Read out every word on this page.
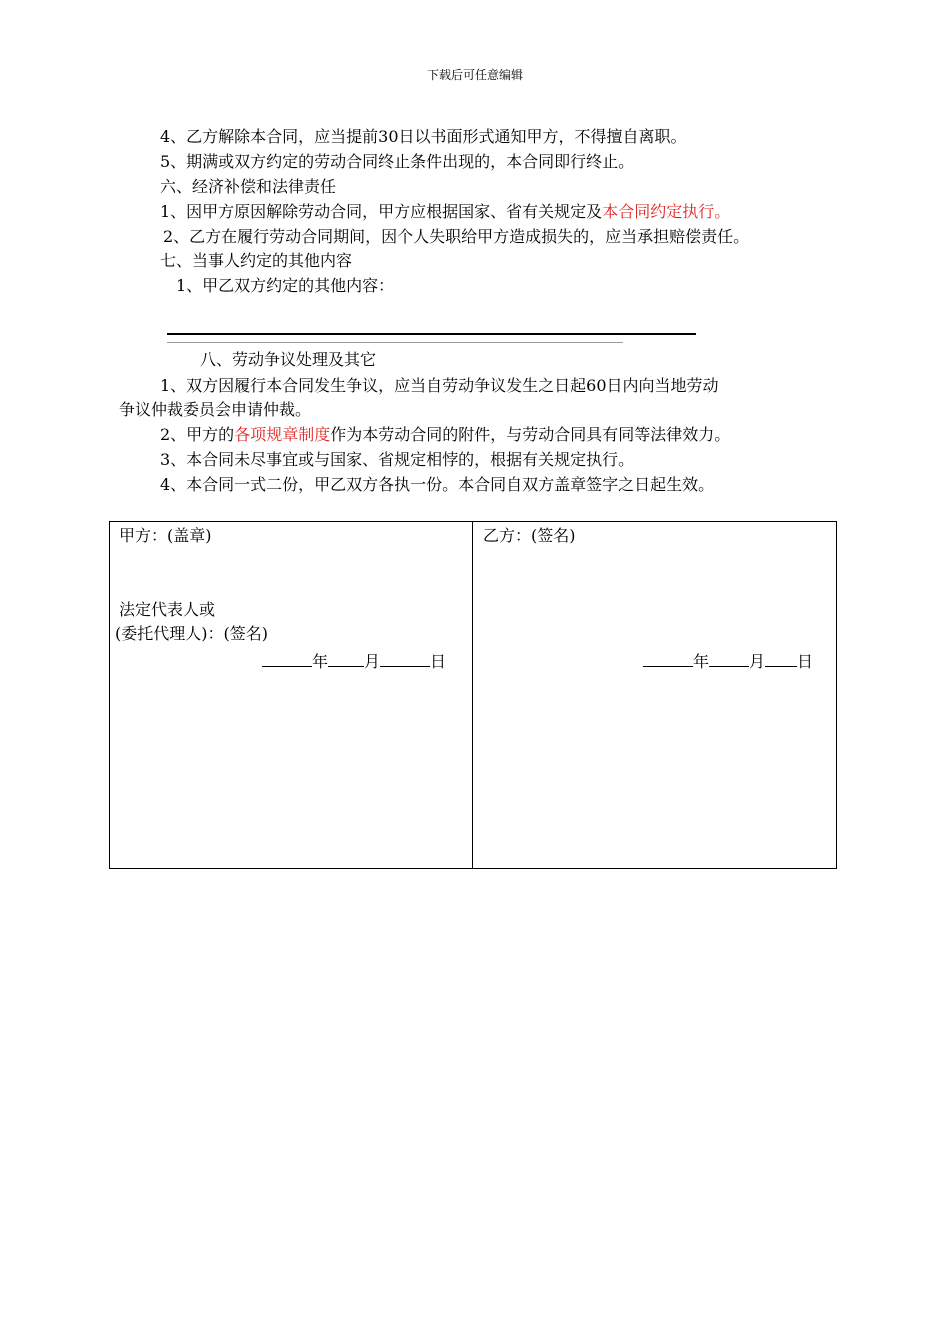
下载后可任意编辑
4、乙方解除本合同，应当提前30日以书面形式通知甲方，不得擅自离职。
5、期满或双方约定的劳动合同终止条件出现的，本合同即行终止。
六、经济补偿和法律责任
1、因甲方原因解除劳动合同，甲方应根据国家、省有关规定及本合同约定执行。
2、乙方在履行劳动合同期间，因个人失职给甲方造成损失的，应当承担赔偿责任。
七、当事人约定的其他内容
1、甲乙双方约定的其他内容：
八、劳动争议处理及其它
1、双方因履行本合同发生争议，应当自劳动争议发生之日起60日内向当地劳动
争议仲裁委员会申请仲裁。
2、甲方的各项规章制度作为本劳动合同的附件，与劳动合同具有同等法律效力。
3、本合同未尽事宜或与国家、省规定相悖的，根据有关规定执行。
4、本合同一式二份，甲乙双方各执一份。本合同自双方盖章签字之日起生效。
甲方：(盖章)
法定代表人或
(委托代理人)：(签名)
年 月	日
乙方：(签名)
年	月 日
